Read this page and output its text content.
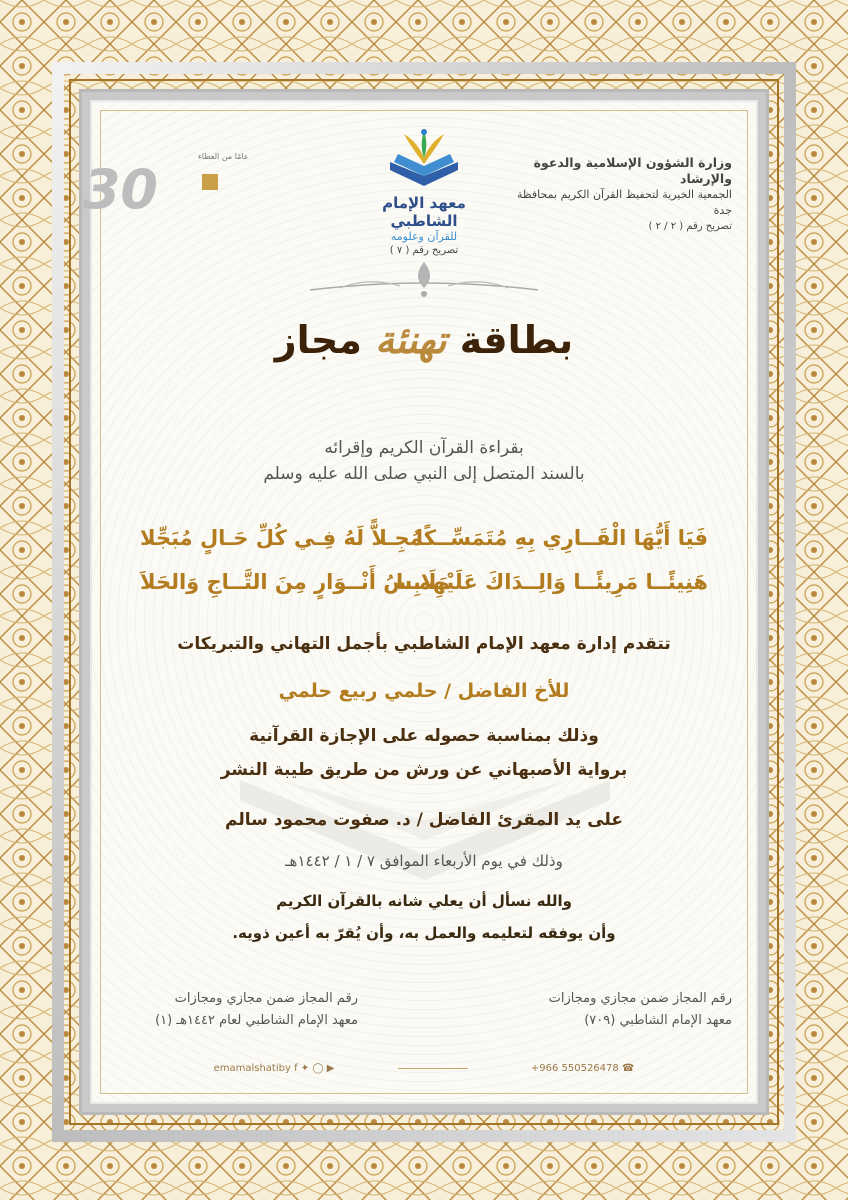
وزارة الشؤون الإسلامية والدعوة والإرشاد
الجمعية الخيرية لتحفيظ القرآن الكريم بمحافظة جدة
تصريح رقم ( ٢ / ٢ )
معهد الإمام الشاطبي
للقرآن وعلومه
تصريح رقم ( ٧ )
30
عامًا من العطاء
بطاقة تهنئة مجاز
بقراءة القرآن الكريم وإقرائه
بالسند المتصل إلى النبي صلى الله عليه وسلم
فَيَا أَيُّهَا الْقَــارِي بِهِ مُتَمَسِّــكًا
مُجِـلاًّ لَهُ فِـي كُلِّ حَـالٍ مُبَجِّلا
هَنِيئًــا مَرِيئًــا وَالِــدَاكَ عَلَيْهِمــا
مَلَابِسُ أَنْــوَارٍ مِنَ التَّــاجِ وَالحَلاَ
تتقدم إدارة معهد الإمام الشاطبي بأجمل التهاني والتبريكات
للأخ الفاضل / حلمي ربيع حلمي
وذلك بمناسبة حصوله على الإجازة القرآنية
برواية الأصبهاني عن ورش من طريق طيبة النشر
على يد المقرئ الفاضل / د. صفوت محمود سالم
وذلك في يوم الأربعاء الموافق ٧ / ١ / ١٤٤٢هـ
والله نسأل أن يعلي شانه بالقرآن الكريم
وأن يوفقه لتعليمه والعمل به، وأن يُقرّ به أعين ذويه.
رقم المجاز ضمن مجازي ومجازات
معهد الإمام الشاطبي (٧٠٩)
رقم المجاز ضمن مجازي ومجازات
معهد الإمام الشاطبي لعام ١٤٤٢هـ (١)
+966 550526478 ☎  emamalshatiby f ✦ ◯ ▶
